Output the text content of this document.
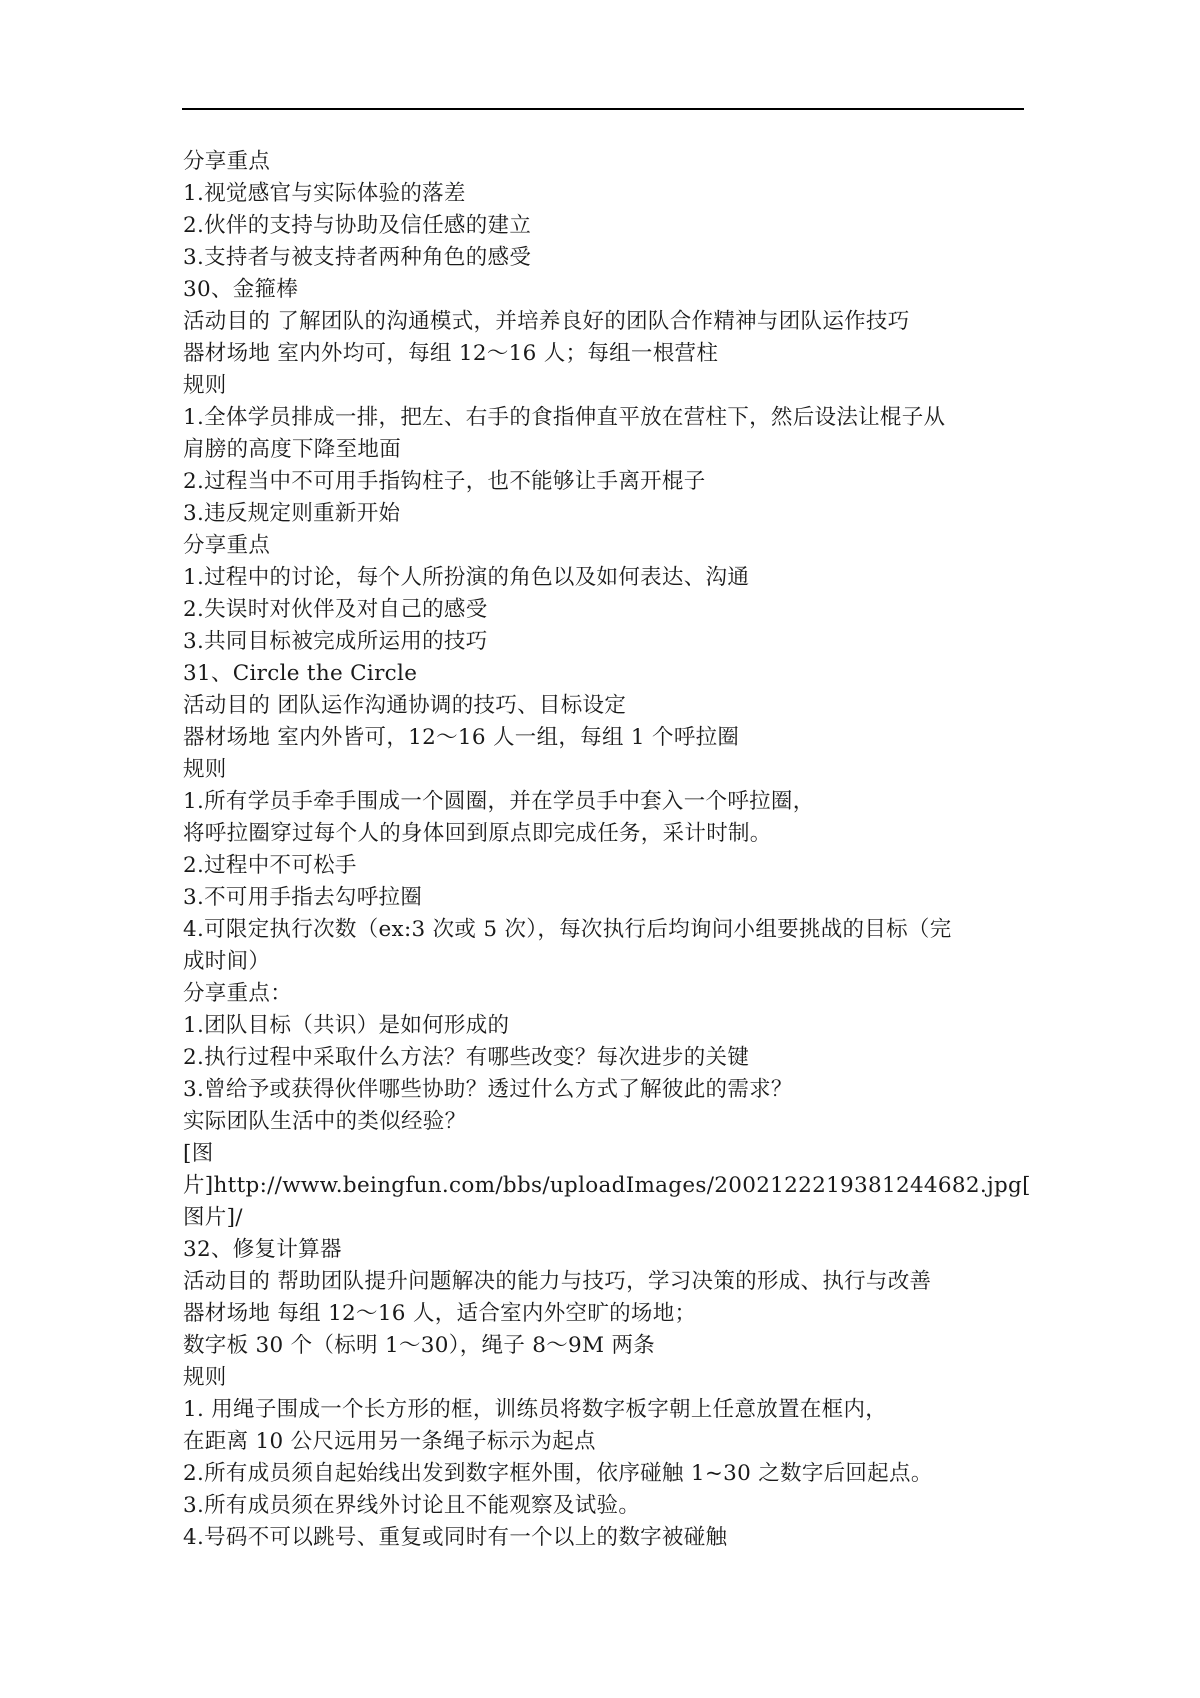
分享重点
1.视觉感官与实际体验的落差
2.伙伴的支持与协助及信任感的建立
3.支持者与被支持者两种角色的感受
30、金箍棒
活动目的 了解团队的沟通模式，并培养良好的团队合作精神与团队运作技巧
器材场地 室内外均可，每组 12～16 人；每组一根营柱
规则
1.全体学员排成一排，把左、右手的食指伸直平放在营柱下，然后设法让棍子从
肩膀的高度下降至地面
2.过程当中不可用手指钩柱子，也不能够让手离开棍子
3.违反规定则重新开始
分享重点
1.过程中的讨论，每个人所扮演的角色以及如何表达、沟通
2.失误时对伙伴及对自己的感受
3.共同目标被完成所运用的技巧
31、Circle the Circle
活动目的 团队运作沟通协调的技巧、目标设定
器材场地 室内外皆可，12～16 人一组，每组 1 个呼拉圈
规则
1.所有学员手牵手围成一个圆圈，并在学员手中套入一个呼拉圈，
将呼拉圈穿过每个人的身体回到原点即完成任务，采计时制。
2.过程中不可松手
3.不可用手指去勾呼拉圈
4.可限定执行次数（ex:3 次或 5 次），每次执行后均询问小组要挑战的目标（完
成时间）
分享重点：
1.团队目标（共识）是如何形成的
2.执行过程中采取什么方法？有哪些改变？每次进步的关键
3.曾给予或获得伙伴哪些协助？透过什么方式了解彼此的需求？
实际团队生活中的类似经验？
[图
片]http://www.beingfun.com/bbs/uploadImages/20021222193812446​82.jpg[
图片]/
32、修复计算器
活动目的 帮助团队提升问题解决的能力与技巧，学习决策的形成、执行与改善
器材场地 每组 12～16 人，适合室内外空旷的场地；
数字板 30 个（标明 1～30），绳子 8～9M 两条
规则
1. 用绳子围成一个长方形的框，训练员将数字板字朝上任意放置在框内，
在距离 10 公尺远用另一条绳子标示为起点
2.所有成员须自起始线出发到数字框外围，依序碰触 1~30 之数字后回起点。
3.所有成员须在界线外讨论且不能观察及试验。
4.号码不可以跳号、重复或同时有一个以上的数字被碰触
